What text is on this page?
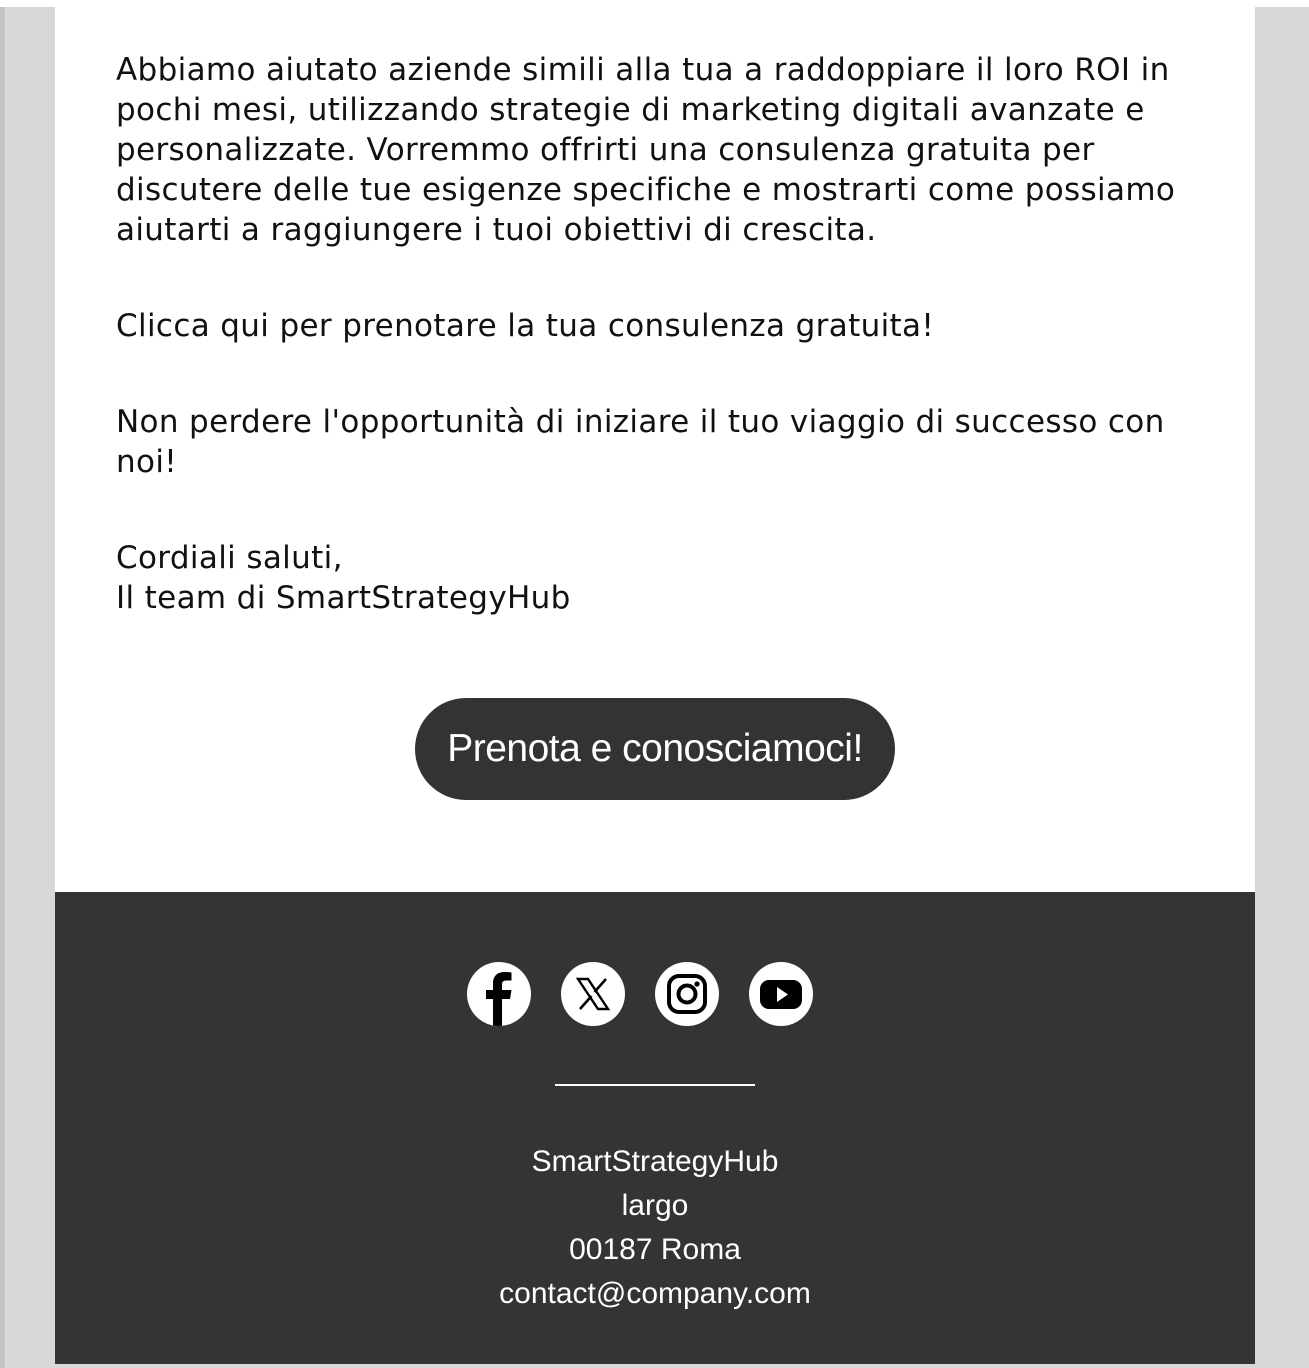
Abbiamo aiutato aziende simili alla tua a raddoppiare il loro ROI in pochi mesi, utilizzando strategie di marketing digitali avanzate e personalizzate. Vorremmo offrirti una consulenza gratuita per discutere delle tue esigenze specifiche e mostrarti come possiamo aiutarti a raggiungere i tuoi obiettivi di crescita.

Clicca qui per prenotare la tua consulenza gratuita!

Non perdere l'opportunità di iniziare il tuo viaggio di successo con noi!

Cordiali saluti,
Il team di SmartStrategyHub

Prenota e conosciamoci!
SmartStrategyHub
largo
00187 Roma
contact@company.com
